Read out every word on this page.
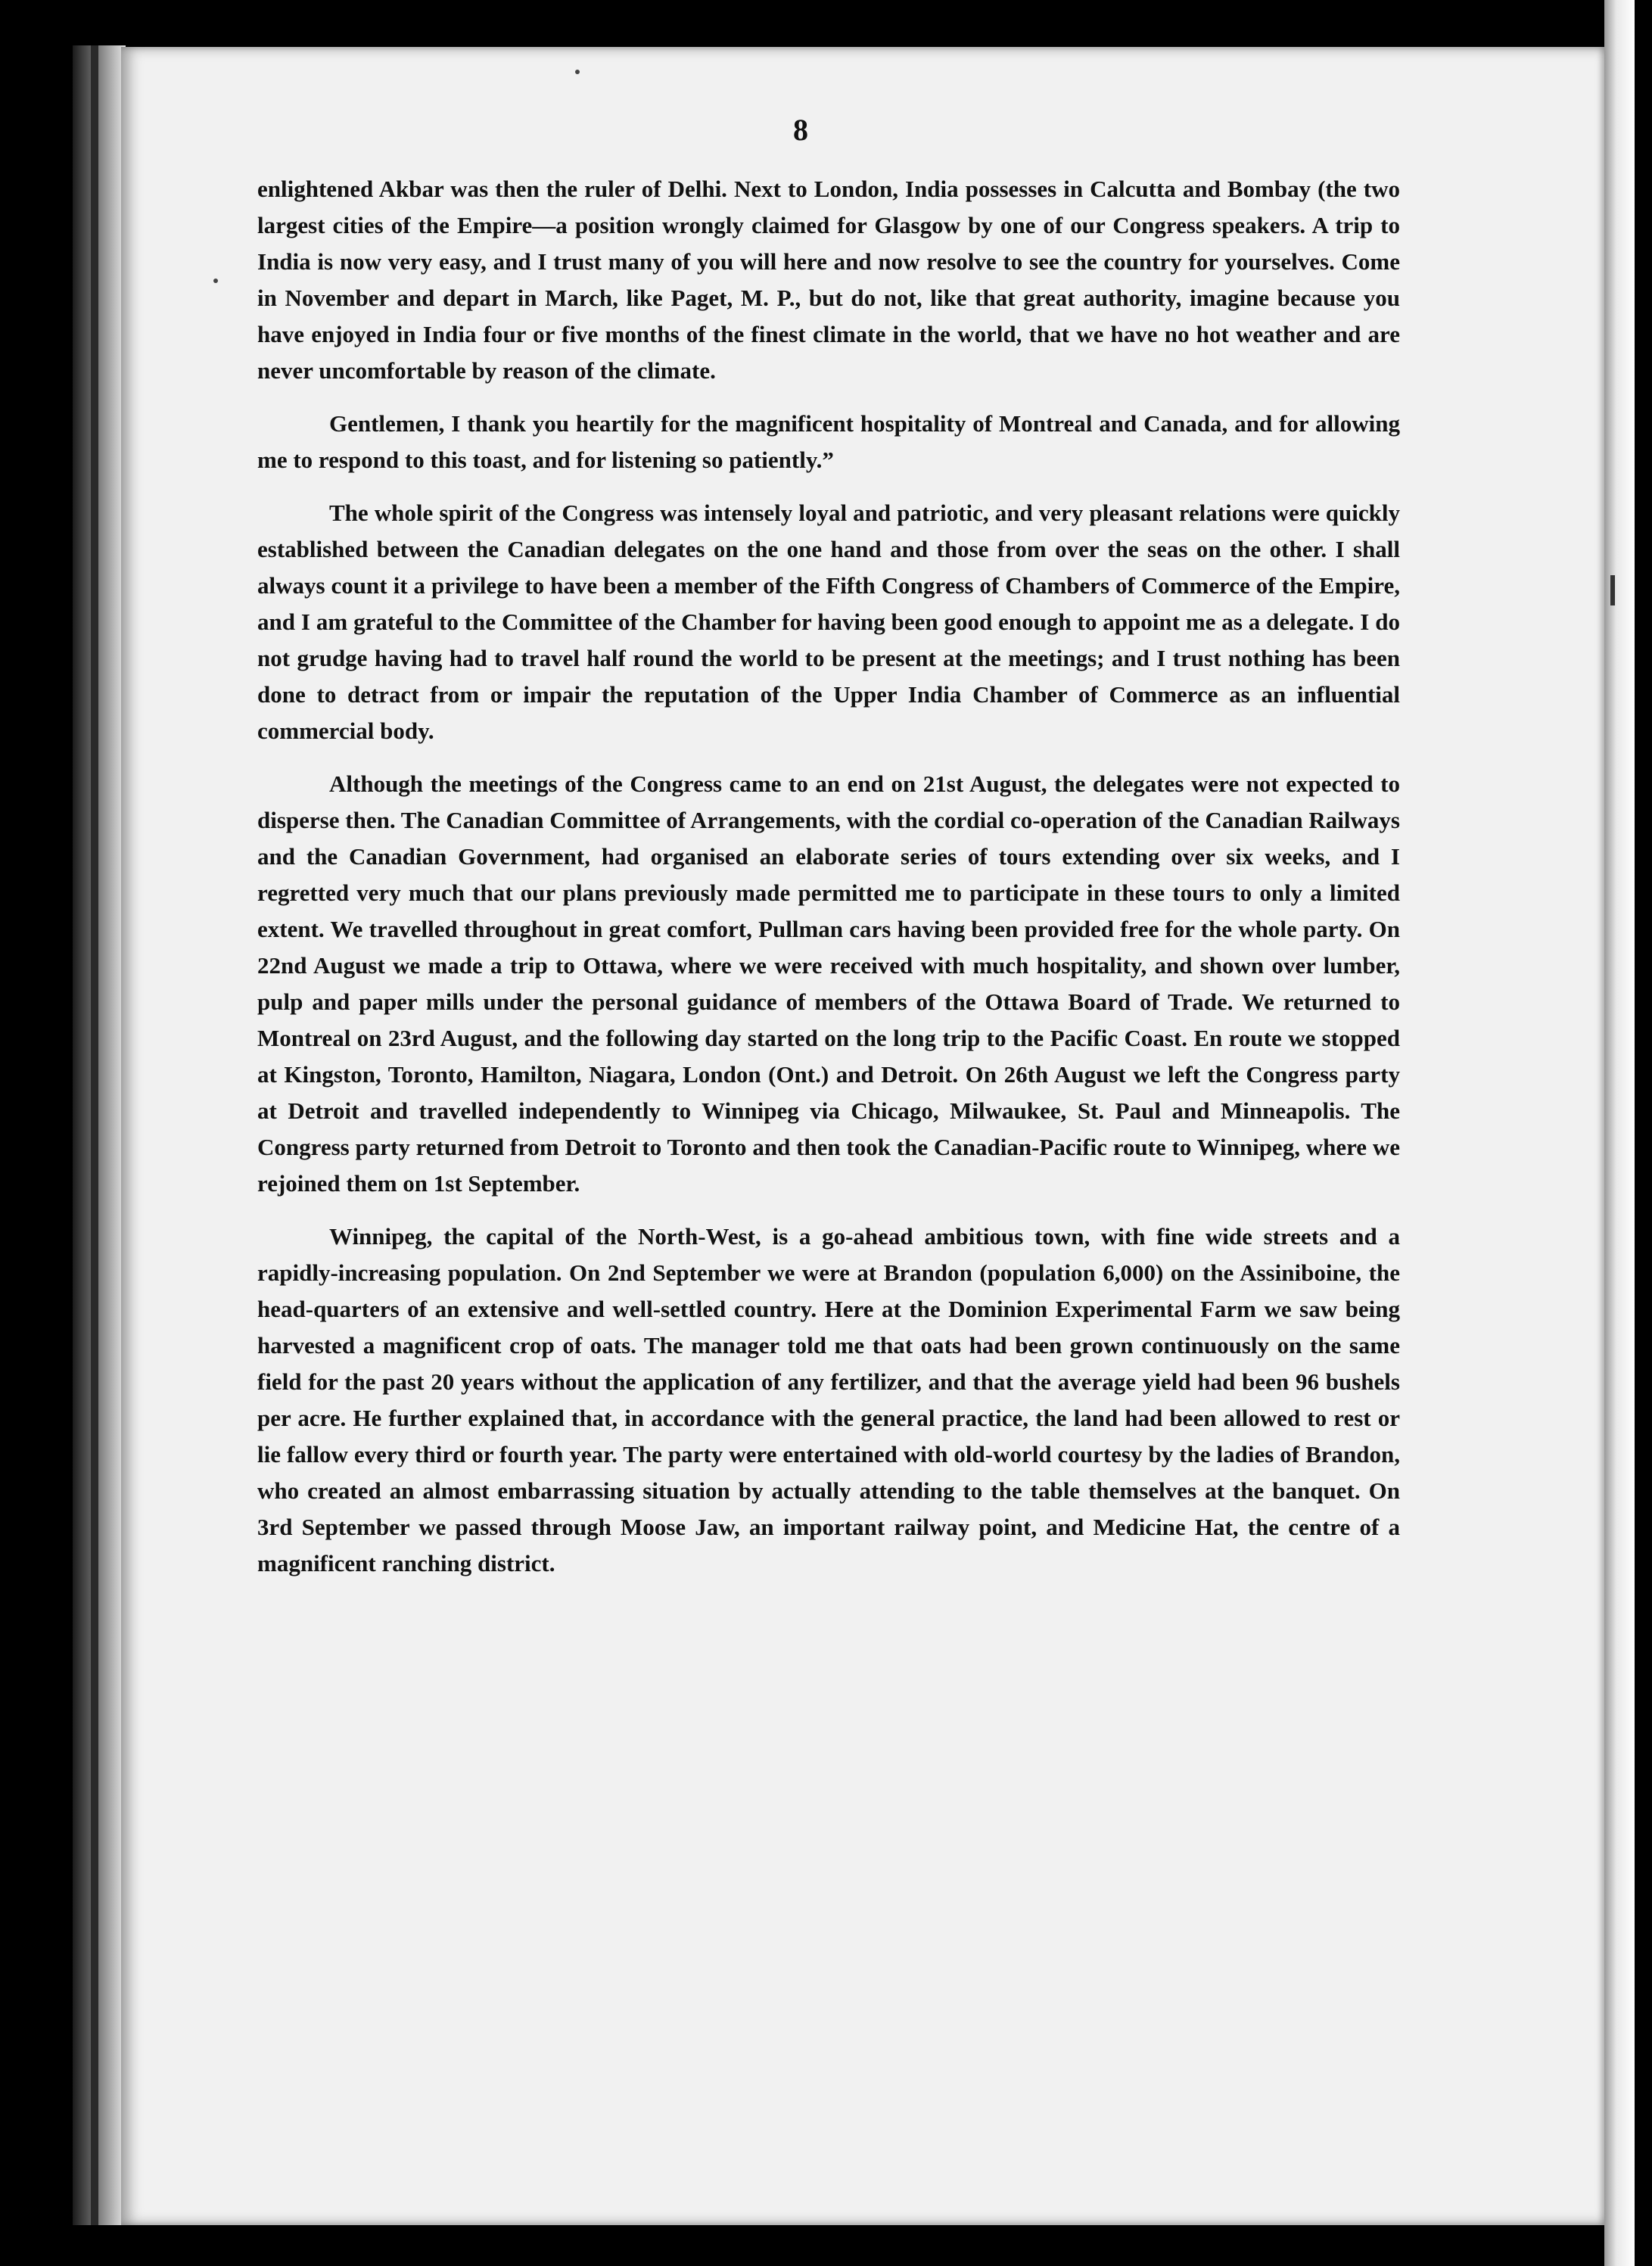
8

enlightened Akbar was then the ruler of Delhi. Next to London, India possesses in Calcutta and Bombay (the two largest cities of the Empire—a position wrongly claimed for Glasgow by one of our Congress speakers. A trip to India is now very easy, and I trust many of you will here and now resolve to see the country for yourselves. Come in November and depart in March, like Paget, M. P., but do not, like that great authority, imagine because you have enjoyed in India four or five months of the finest climate in the world, that we have no hot weather and are never uncomfortable by reason of the climate.

Gentlemen, I thank you heartily for the magnificent hospitality of Montreal and Canada, and for allowing me to respond to this toast, and for listening so patiently.”

The whole spirit of the Congress was intensely loyal and patriotic, and very pleasant relations were quickly established between the Canadian delegates on the one hand and those from over the seas on the other. I shall always count it a privilege to have been a member of the Fifth Congress of Chambers of Commerce of the Empire, and I am grateful to the Committee of the Chamber for having been good enough to appoint me as a delegate. I do not grudge having had to travel half round the world to be present at the meetings; and I trust nothing has been done to detract from or impair the reputation of the Upper India Chamber of Commerce as an influential commercial body.

Although the meetings of the Congress came to an end on 21st August, the delegates were not expected to disperse then. The Canadian Committee of Arrangements, with the cordial co-operation of the Canadian Railways and the Canadian Government, had organised an elaborate series of tours extending over six weeks, and I regretted very much that our plans previously made permitted me to participate in these tours to only a limited extent. We travelled throughout in great comfort, Pullman cars having been provided free for the whole party. On 22nd August we made a trip to Ottawa, where we were received with much hospitality, and shown over lumber, pulp and paper mills under the personal guidance of members of the Ottawa Board of Trade. We returned to Montreal on 23rd August, and the following day started on the long trip to the Pacific Coast. En route we stopped at Kingston, Toronto, Hamilton, Niagara, London (Ont.) and Detroit. On 26th August we left the Congress party at Detroit and travelled independently to Winnipeg via Chicago, Milwaukee, St. Paul and Minneapolis. The Congress party returned from Detroit to Toronto and then took the Canadian-Pacific route to Winnipeg, where we rejoined them on 1st September.

Winnipeg, the capital of the North-West, is a go-ahead ambitious town, with fine wide streets and a rapidly-increasing population. On 2nd September we were at Brandon (population 6,000) on the Assiniboine, the head-quarters of an extensive and well-settled country. Here at the Dominion Experimental Farm we saw being harvested a magnificent crop of oats. The manager told me that oats had been grown continuously on the same field for the past 20 years without the application of any fertilizer, and that the average yield had been 96 bushels per acre. He further explained that, in accordance with the general practice, the land had been allowed to rest or lie fallow every third or fourth year. The party were entertained with old-world courtesy by the ladies of Brandon, who created an almost embarrassing situation by actually attending to the table themselves at the banquet. On 3rd September we passed through Moose Jaw, an important railway point, and Medicine Hat, the centre of a magnificent ranching district.
